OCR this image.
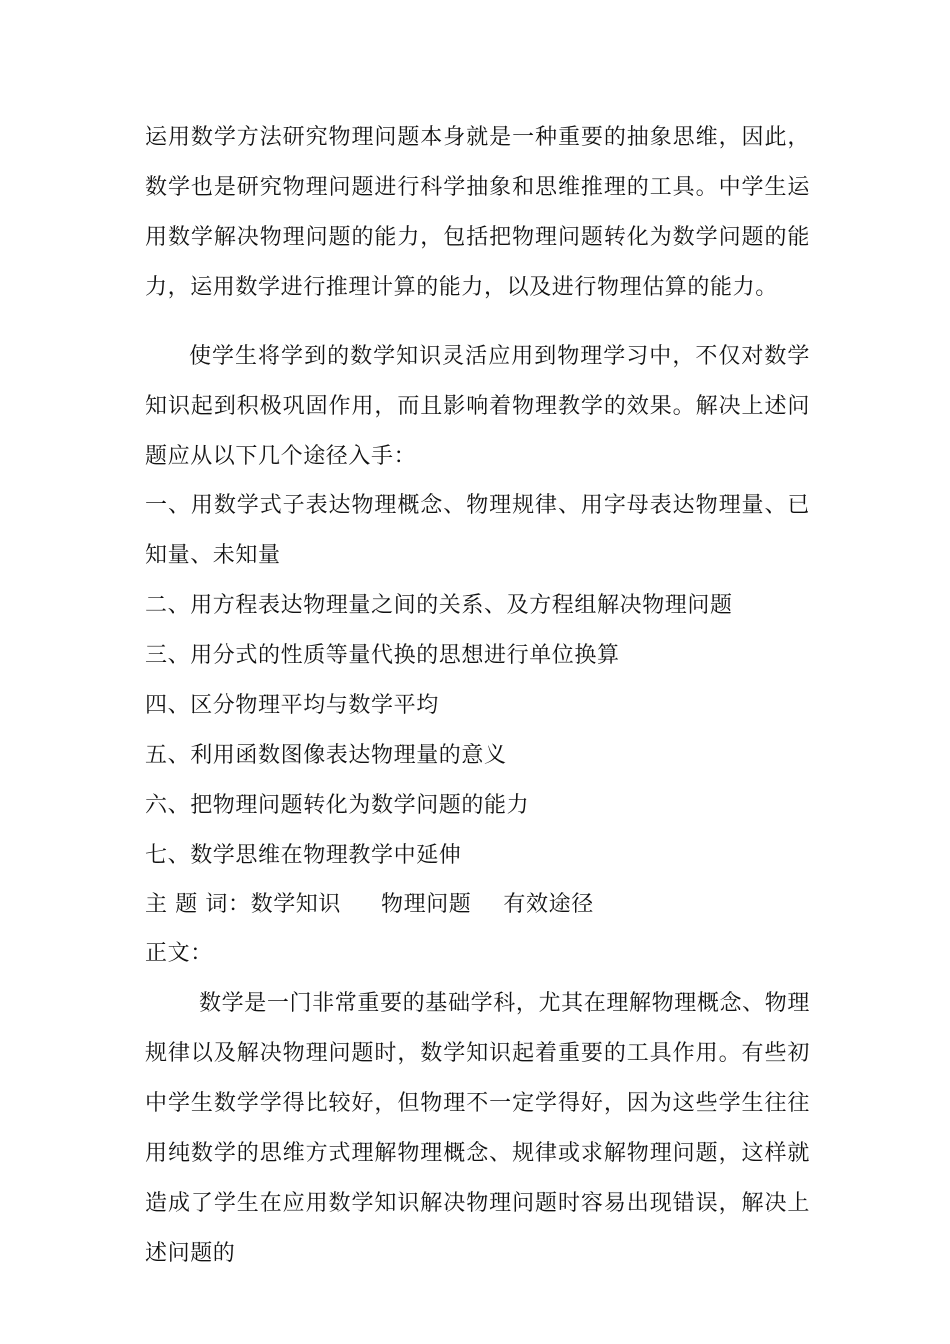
运用数学方法研究物理问题本身就是一种重要的抽象思维，因此，数学也是研究物理问题进行科学抽象和思维推理的工具。中学生运用数学解决物理问题的能力，包括把物理问题转化为数学问题的能力，运用数学进行推理计算的能力，以及进行物理估算的能力。
使学生将学到的数学知识灵活应用到物理学习中，不仅对数学知识起到积极巩固作用，而且影响着物理教学的效果。解决上述问题应从以下几个途径入手：
一、用数学式子表达物理概念、物理规律、用字母表达物理量、已知量、未知量
二、用方程表达物理量之间的关系、及方程组解决物理问题
三、用分式的性质等量代换的思想进行单位换算
四、区分物理平均与数学平均
五、利用函数图像表达物理量的意义
六、把物理问题转化为数学问题的能力
七、数学思维在物理教学中延伸
主 题 词：数学知识 物理问题 有效途径
正文：
数学是一门非常重要的基础学科，尤其在理解物理概念、物理规律以及解决物理问题时，数学知识起着重要的工具作用。有些初中学生数学学得比较好，但物理不一定学得好，因为这些学生往往用纯数学的思维方式理解物理概念、规律或求解物理问题，这样就造成了学生在应用数学知识解决物理问题时容易出现错误，解决上述问题的
